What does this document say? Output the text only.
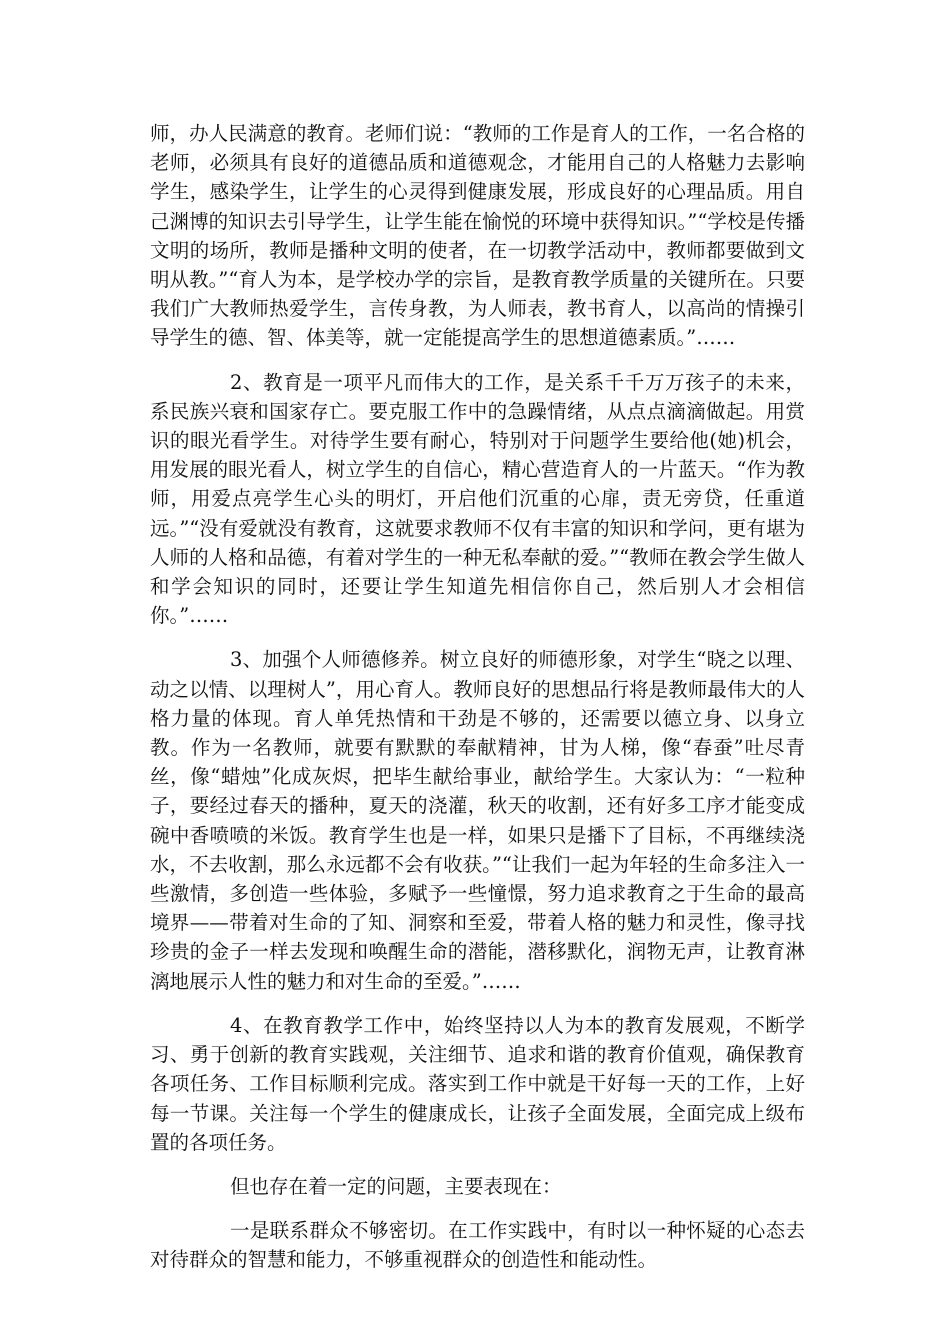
师，办人民满意的教育。老师们说：“教师的工作是育人的工作，一名合格的老师，必须具有良好的道德品质和道德观念，才能用自己的人格魅力去影响学生，感染学生，让学生的心灵得到健康发展，形成良好的心理品质。用自己渊博的知识去引导学生，让学生能在愉悦的环境中获得知识。”“学校是传播文明的场所，教师是播种文明的使者，在一切教学活动中，教师都要做到文明从教。”“育人为本，是学校办学的宗旨，是教育教学质量的关键所在。只要我们广大教师热爱学生，言传身教，为人师表，教书育人，以高尚的情操引导学生的德、智、体美等，就一定能提高学生的思想道德素质。”……

2、教育是一项平凡而伟大的工作，是关系千千万万孩子的未来，系民族兴衰和国家存亡。要克服工作中的急躁情绪，从点点滴滴做起。用赏识的眼光看学生。对待学生要有耐心，特别对于问题学生要给他(她)机会，用发展的眼光看人，树立学生的自信心，精心营造育人的一片蓝天。“作为教师，用爱点亮学生心头的明灯，开启他们沉重的心扉，责无旁贷，任重道远。”“没有爱就没有教育，这就要求教师不仅有丰富的知识和学问，更有堪为人师的人格和品德，有着对学生的一种无私奉献的爱。”“教师在教会学生做人和学会知识的同时，还要让学生知道先相信你自己，然后别人才会相信你。”……

3、加强个人师德修养。树立良好的师德形象，对学生“晓之以理、动之以情、以理树人”，用心育人。教师良好的思想品行将是教师最伟大的人格力量的体现。育人单凭热情和干劲是不够的，还需要以德立身、以身立教。作为一名教师，就要有默默的奉献精神，甘为人梯，像“春蚕”吐尽青丝，像“蜡烛”化成灰烬，把毕生献给事业，献给学生。大家认为：“一粒种子，要经过春天的播种，夏天的浇灌，秋天的收割，还有好多工序才能变成碗中香喷喷的米饭。教育学生也是一样，如果只是播下了目标，不再继续浇水，不去收割，那么永远都不会有收获。”“让我们一起为年轻的生命多注入一些激情，多创造一些体验，多赋予一些憧憬，努力追求教育之于生命的最高境界——带着对生命的了知、洞察和至爱，带着人格的魅力和灵性，像寻找珍贵的金子一样去发现和唤醒生命的潜能，潜移默化，润物无声，让教育淋漓地展示人性的魅力和对生命的至爱。”……

4、在教育教学工作中，始终坚持以人为本的教育发展观，不断学习、勇于创新的教育实践观，关注细节、追求和谐的教育价值观，确保教育各项任务、工作目标顺利完成。落实到工作中就是干好每一天的工作，上好每一节课。关注每一个学生的健康成长，让孩子全面发展，全面完成上级布置的各项任务。

但也存在着一定的问题，主要表现在：

一是联系群众不够密切。在工作实践中，有时以一种怀疑的心态去对待群众的智慧和能力，不够重视群众的创造性和能动性。
